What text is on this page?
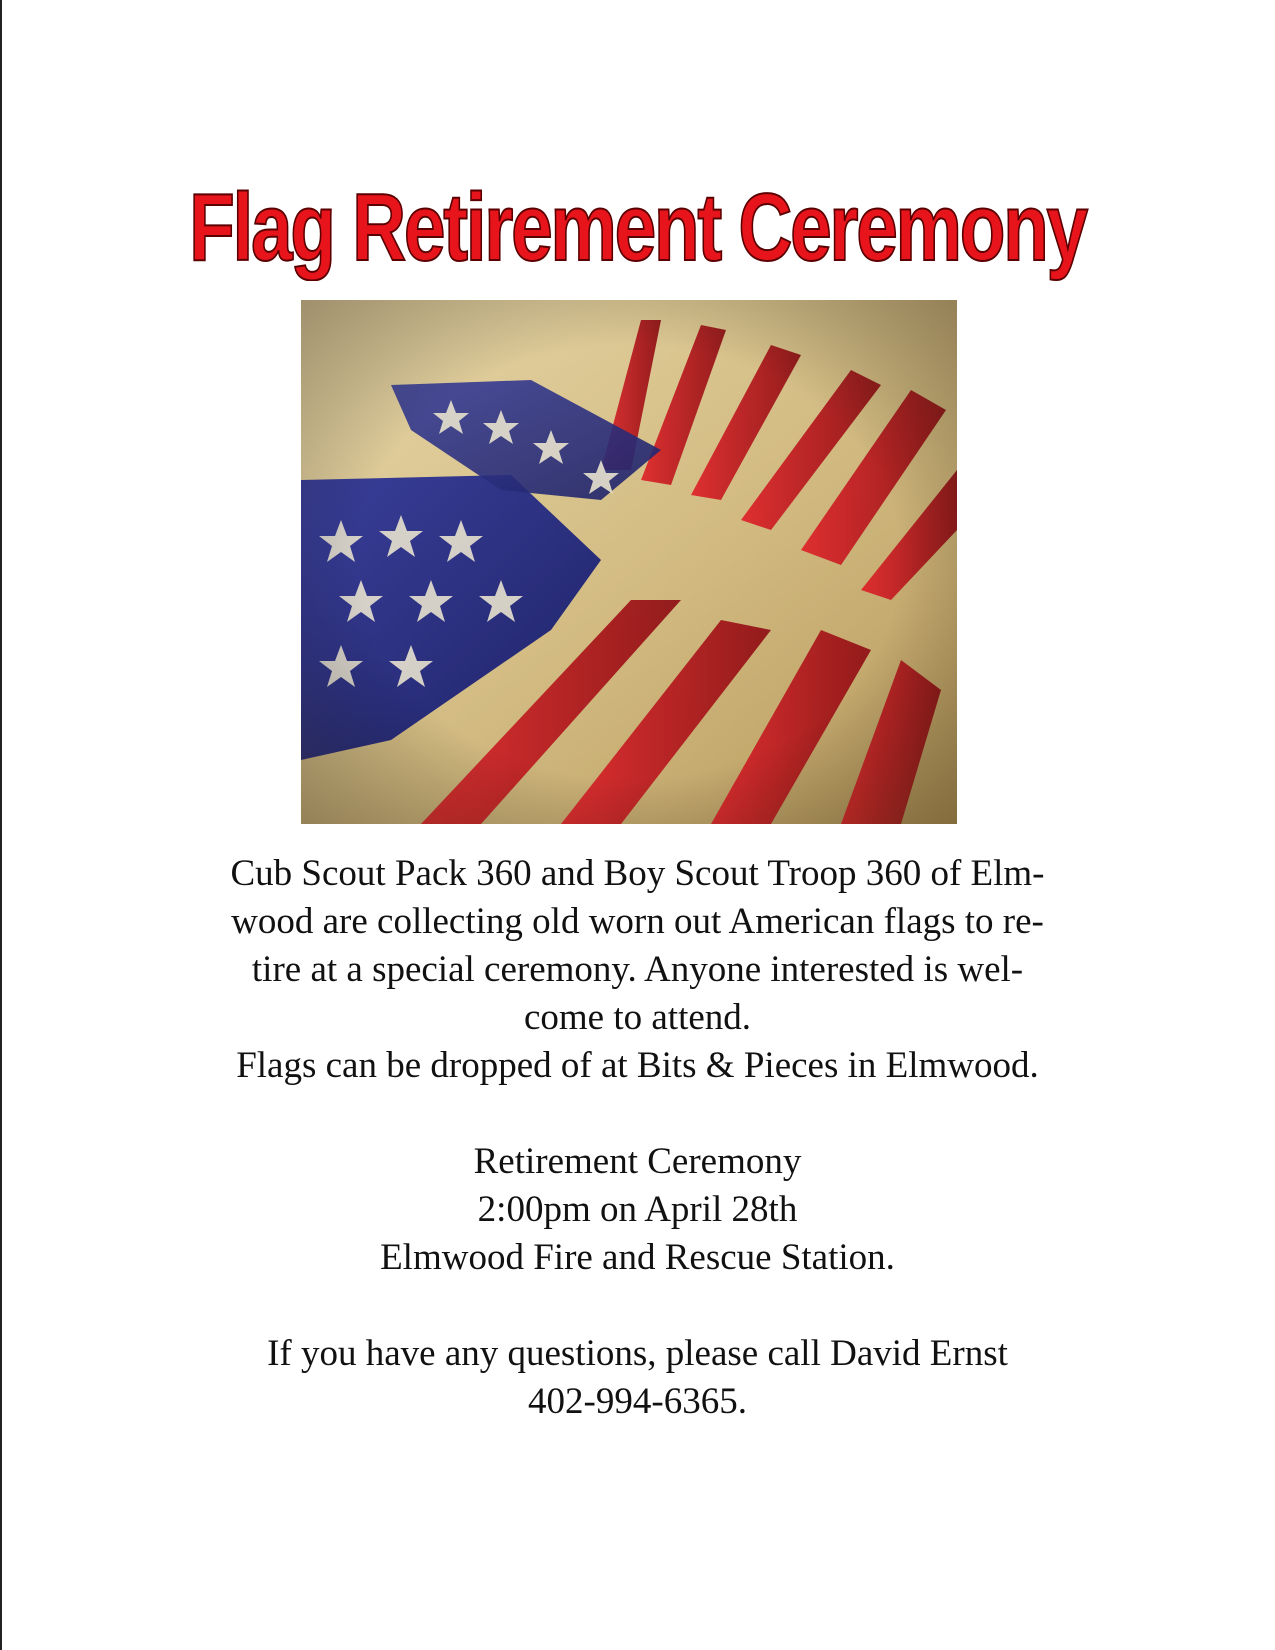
Flag Retirement Ceremony
Cub Scout Pack 360 and Boy Scout Troop 360 of Elm-
wood are collecting old worn out American flags to re-
tire at a special ceremony. Anyone interested is wel-
come to attend.
Flags can be dropped of at Bits & Pieces in Elmwood.
Retirement Ceremony
2:00pm on April 28th
Elmwood Fire and Rescue Station.
If you have any questions, please call David Ernst
402-994-6365.
